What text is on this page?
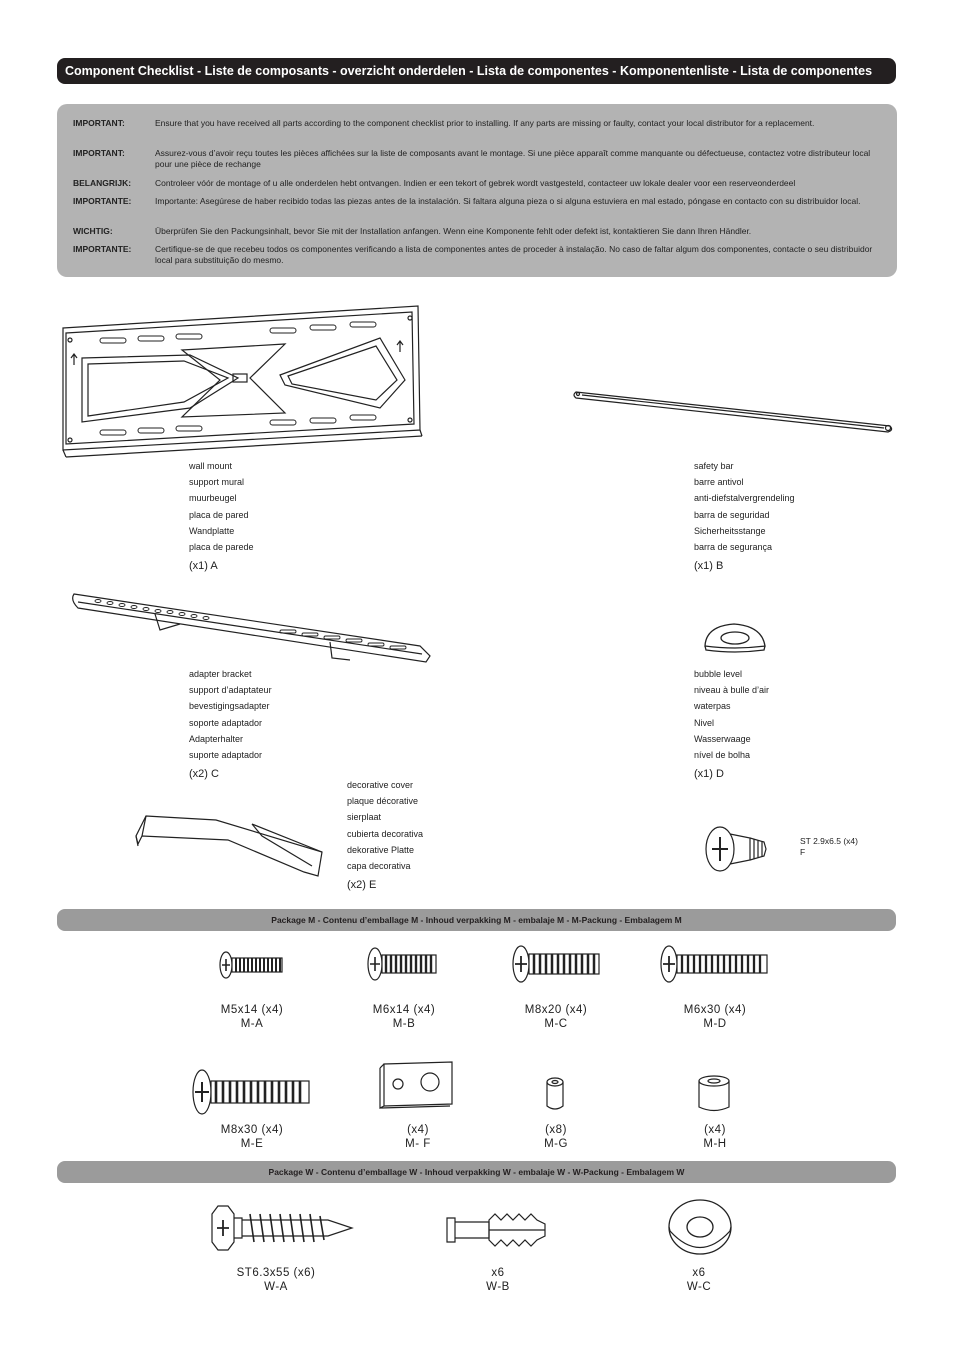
Component Checklist - Liste de composants - overzicht onderdelen - Lista de componentes - Komponentenliste - Lista de componentes
IMPORTANT:	Ensure that you have received all parts according to the component checklist prior to installing. If any parts are missing or faulty, contact your local distributor for a replacement.
IMPORTANT:	Assurez-vous d’avoir reçu toutes les pièces affichées sur la liste de composants avant le montage. Si une pièce apparaît comme manquante ou défectueuse, contactez votre distributeur local pour une pièce de rechange
BELANGRIJK:	Controleer vóór de montage of u alle onderdelen hebt ontvangen. Indien er een tekort of gebrek wordt vastgesteld, contacteer uw lokale dealer voor een reserveonderdeel
IMPORTANTE:	Importante: Asegúrese de haber recibido todas las piezas antes de la instalación. Si faltara alguna pieza o si alguna estuviera en mal estado, póngase en contacto con su distribuidor local.
WICHTIG:	Überprüfen Sie den Packungsinhalt, bevor Sie mit der Installation anfangen. Wenn eine Komponente fehlt oder defekt ist, kontaktieren Sie dann Ihren Händler.
IMPORTANTE:	Certifique-se de que recebeu todos os componentes verificando a lista de componentes antes de proceder à instalação. No caso de faltar algum dos componentes, contacte o seu distribuidor local para substituição do mesmo.
wall mount
support mural
muurbeugel
placa de pared
Wandplatte
placa de parede
(x1) A
safety bar
barre antivol
anti-diefstalvergrendeling
barra de seguridad
Sicherheitsstange
barra de segurança
(x1) B
adapter bracket
support d’adaptateur
bevestigingsadapter
soporte adaptador
Adapterhalter
suporte adaptador
(x2) C
bubble level
niveau à bulle d’air
waterpas
Nivel
Wasserwaage
nível de bolha
(x1) D
decorative cover
plaque décorative
sierplaat
cubierta decorativa
dekorative Platte
capa decorativa
(x2) E
ST 2.9x6.5 (x4)
F
Package M - Contenu d’emballage M - Inhoud verpakking M - embalaje M - M-Packung - Embalagem M
M5x14 (x4)
M-A
M6x14 (x4)
M-B
M8x20 (x4)
M-C
M6x30 (x4)
M-D
M8x30 (x4)
M-E
(x4)
M- F
(x8)
M-G
(x4)
M-H
Package W - Contenu d’emballage W - Inhoud verpakking W - embalaje W - W-Packung - Embalagem W
ST6.3x55 (x6)
W-A
x6
W-B
x6
W-C
